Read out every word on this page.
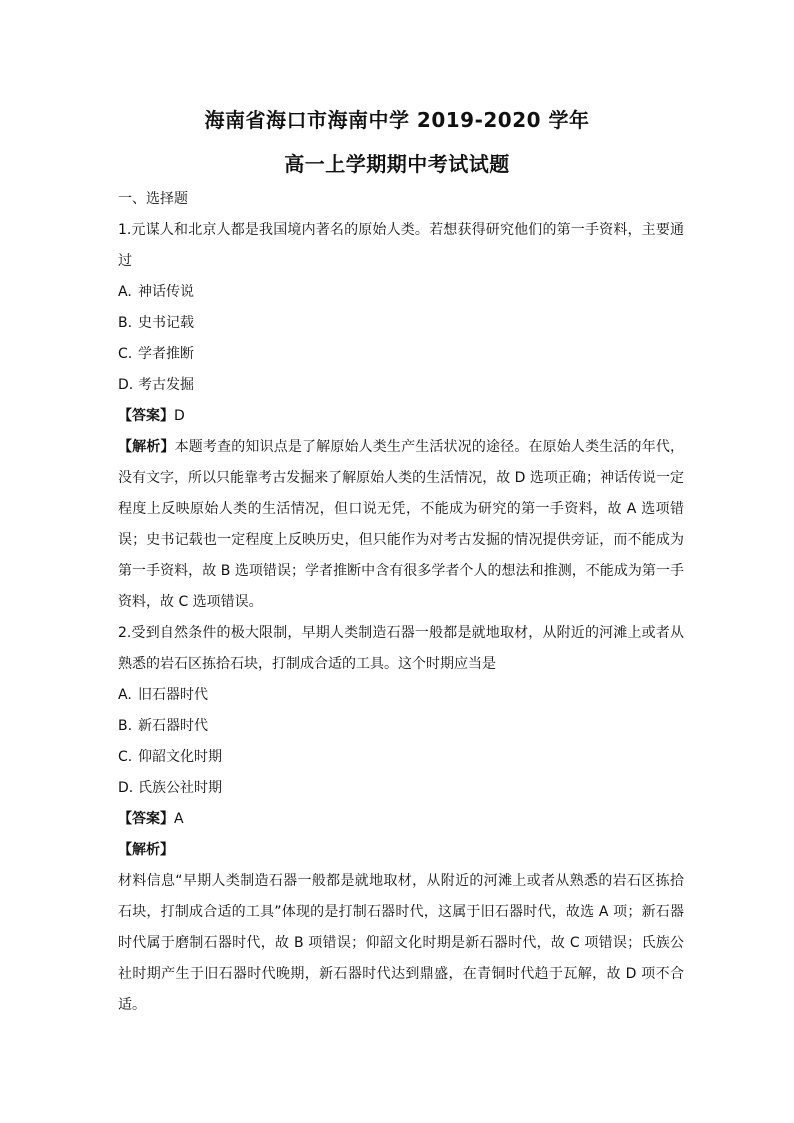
海南省海口市海南中学 2019-2020 学年
高一上学期期中考试试题

一、选择题

1.元谋人和北京人都是我国境内著名的原始人类。若想获得研究他们的第一手资料，主要通过

A. 神话传说

B. 史书记载

C. 学者推断

D. 考古发掘

【答案】D

【解析】本题考查的知识点是了解原始人类生产生活状况的途径。在原始人类生活的年代，没有文字，所以只能靠考古发掘来了解原始人类的生活情况，故 D 选项正确；神话传说一定程度上反映原始人类的生活情况，但口说无凭，不能成为研究的第一手资料，故 A 选项错误；史书记载也一定程度上反映历史，但只能作为对考古发掘的情况提供旁证，而不能成为第一手资料，故 B 选项错误；学者推断中含有很多学者个人的想法和推测，不能成为第一手资料，故 C 选项错误。

2.受到自然条件的极大限制，早期人类制造石器一般都是就地取材，从附近的河滩上或者从熟悉的岩石区拣拾石块，打制成合适的工具。这个时期应当是

A. 旧石器时代

B. 新石器时代

C. 仰韶文化时期

D. 氏族公社时期

【答案】A

【解析】

材料信息“早期人类制造石器一般都是就地取材，从附近的河滩上或者从熟悉的岩石区拣拾石块，打制成合适的工具”体现的是打制石器时代，这属于旧石器时代，故选 A 项；新石器时代属于磨制石器时代，故 B 项错误；仰韶文化时期是新石器时代，故 C 项错误；氏族公社时期产生于旧石器时代晚期，新石器时代达到鼎盛，在青铜时代趋于瓦解，故 D 项不合适。
